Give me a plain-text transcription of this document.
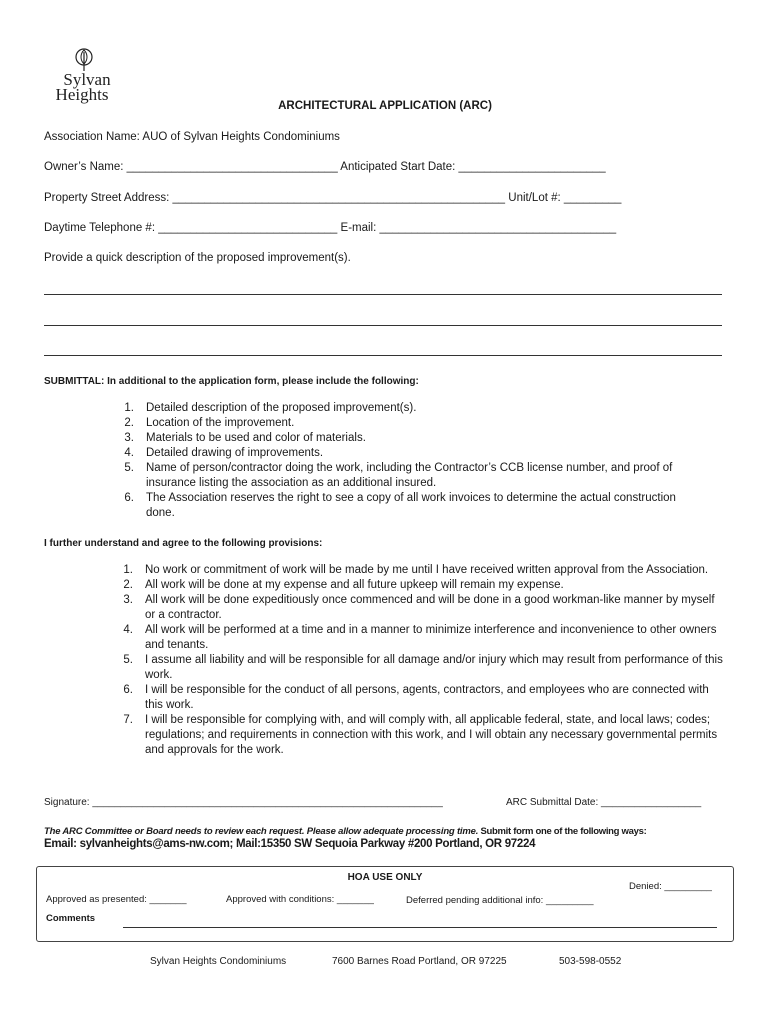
Sylvan
Heights
ARCHITECTURAL APPLICATION (ARC)
Association Name: AUO of Sylvan Heights Condominiums
Owner’s Name: _________________________________ Anticipated Start Date: _______________________
Property Street Address: ____________________________________________________ Unit/Lot #: _________
Daytime Telephone #: ____________________________ E-mail: _____________________________________
Provide a quick description of the proposed improvement(s).
SUBMITTAL: In additional to the application form, please include the following:
1. Detailed description of the proposed improvement(s).
2. Location of the improvement.
3. Materials to be used and color of materials.
4. Detailed drawing of improvements.
5. Name of person/contractor doing the work, including the Contractor’s CCB license number, and proof of insurance listing the association as an additional insured.
6. The Association reserves the right to see a copy of all work invoices to determine the actual construction done.
I further understand and agree to the following provisions:
1. No work or commitment of work will be made by me until I have received written approval from the Association.
2. All work will be done at my expense and all future upkeep will remain my expense.
3. All work will be done expeditiously once commenced and will be done in a good workman-like manner by myself or a contractor.
4. All work will be performed at a time and in a manner to minimize interference and inconvenience to other owners and tenants.
5. I assume all liability and will be responsible for all damage and/or injury which may result from performance of this work.
6. I will be responsible for the conduct of all persons, agents, contractors, and employees who are connected with this work.
7. I will be responsible for complying with, and will comply with, all applicable federal, state, and local laws; codes; regulations; and requirements in connection with this work, and I will obtain any necessary governmental permits and approvals for the work.
Signature: _______________________________________________________________	ARC Submittal Date: __________________
The ARC Committee or Board needs to review each request. Please allow adequate processing time. Submit form one of the following ways:
Email: sylvanheights@ams-nw.com; Mail:15350 SW Sequoia Parkway #200 Portland, OR 97224
HOA USE ONLY
Denied: _________
Approved as presented: _______	Approved with conditions: _______	Deferred pending additional info: _________
Comments
Sylvan Heights Condominiums	7600 Barnes Road Portland, OR 97225	503-598-0552
